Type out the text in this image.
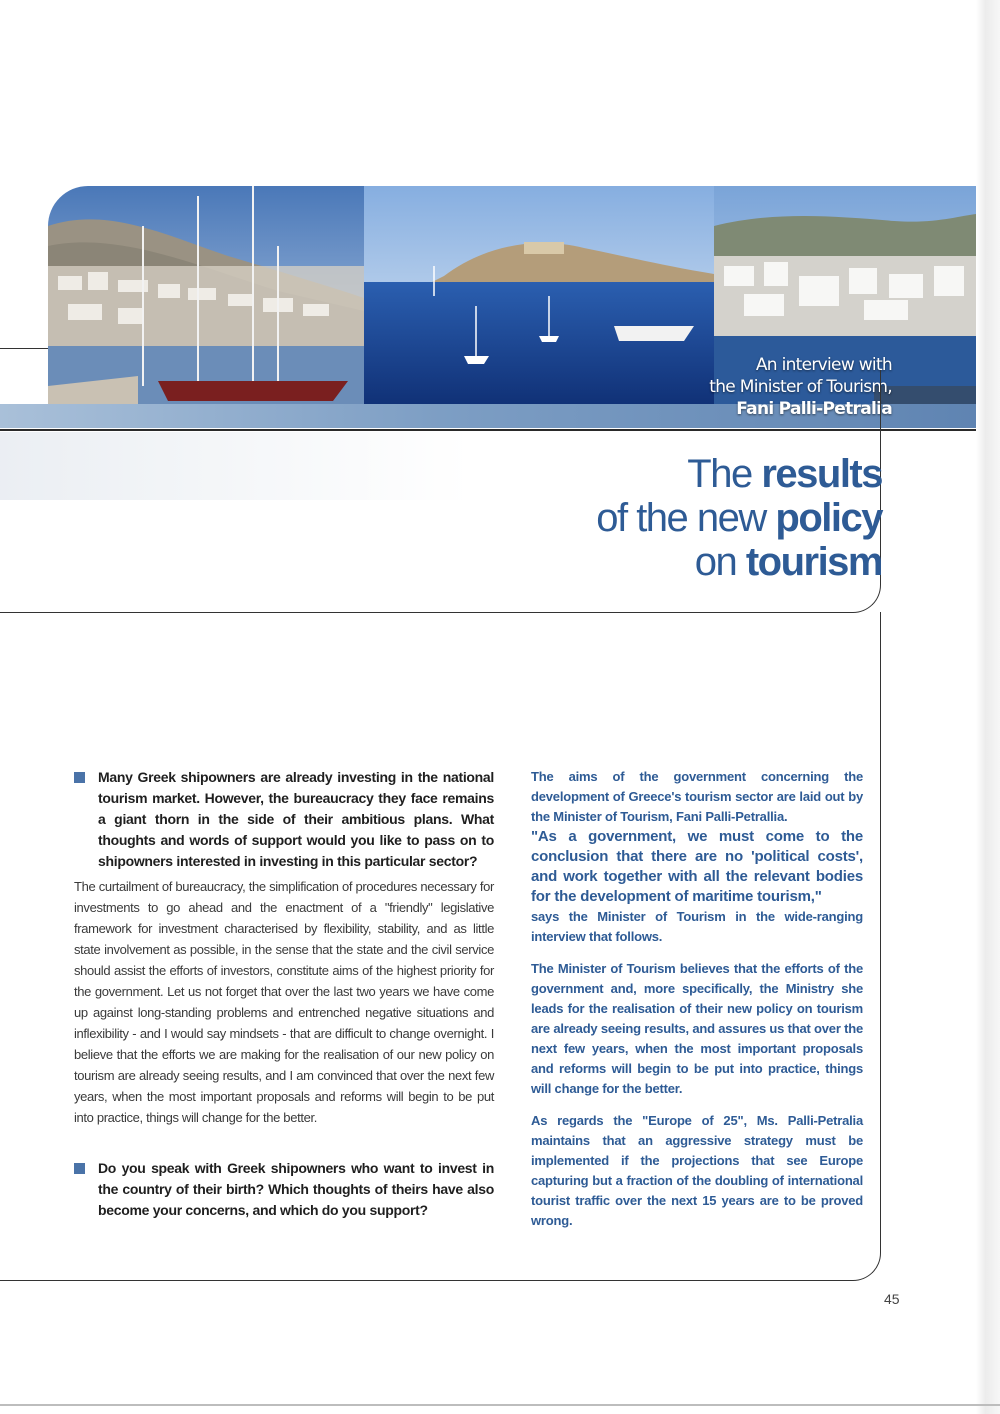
An interview with
the Minister of Tourism,
Fani Palli-Petralia
The results
of the new policy
on tourism
Many Greek shipowners are already investing in the national tourism market. However, the bureaucracy they face remains a giant thorn in the side of their ambitious plans. What thoughts and words of support would you like to pass on to shipowners interested in investing in this particular sector?

The curtailment of bureaucracy, the simplification of procedures necessary for investments to go ahead and the enactment of a "friendly" legislative framework for investment characterised by flexibility, stability, and as little state involvement as possible, in the sense that the state and the civil service should assist the efforts of investors, constitute aims of the highest priority for the government. Let us not forget that over the last two years we have come up against long-standing problems and entrenched negative situations and inflexibility - and I would say mindsets - that are difficult to change overnight. I believe that the efforts we are making for the realisation of our new policy on tourism are already seeing results, and I am convinced that over the next few years, when the most important proposals and reforms will begin to be put into practice, things will change for the better.

Do you speak with Greek shipowners who want to invest in the country of their birth? Which thoughts of theirs have also become your concerns, and which do you support?

The aims of the government concerning the development of Greece's tourism sector are laid out by the Minister of Tourism, Fani Palli-Petrallia.
"As a government, we must come to the conclusion that there are no 'political costs', and work together with all the relevant bodies for the development of maritime tourism,"
says the Minister of Tourism in the wide-ranging interview that follows.

The Minister of Tourism believes that the efforts of the government and, more specifically, the Ministry she leads for the realisation of their new policy on tourism are already seeing results, and assures us that over the next few years, when the most important proposals and reforms will begin to be put into practice, things will change for the better.

As regards the "Europe of 25", Ms. Palli-Petralia maintains that an aggressive strategy must be implemented if the projections that see Europe capturing but a fraction of the doubling of international tourist traffic over the next 15 years are to be proved wrong.

45
